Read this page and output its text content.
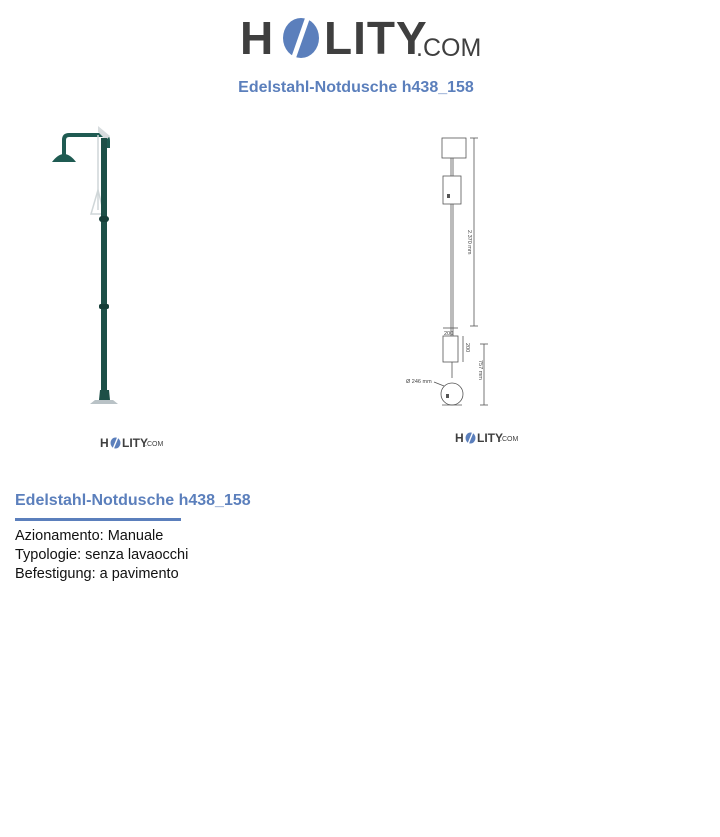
H LITY
.COM
Edelstahl-Notdusche h438_158
H LITY
.COM
2.370 mm
200
200
757 mm
Ø 246 mm
H LITY
.COM
Edelstahl-Notdusche h438_158
Azionamento: Manuale
Typologie: senza lavaocchi
Befestigung: a pavimento
